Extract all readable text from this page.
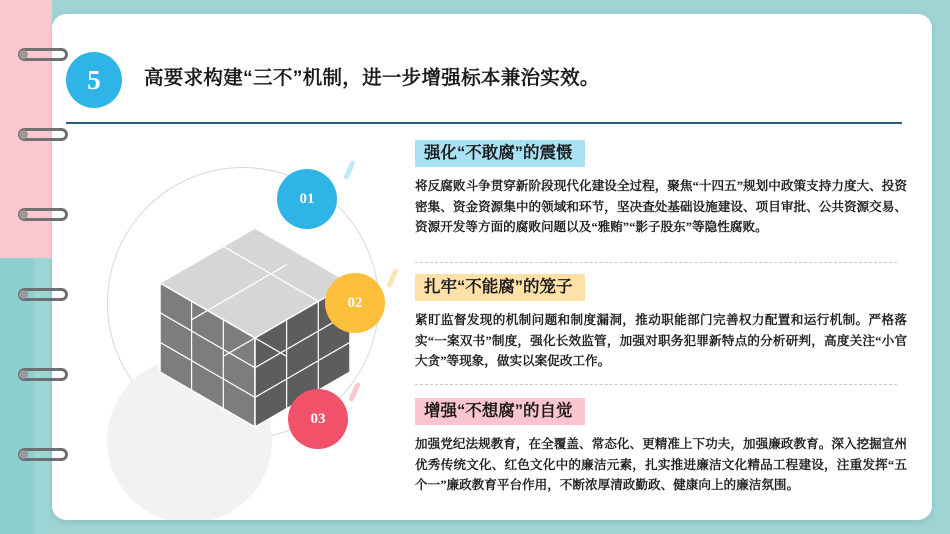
5	高要求构建“三不”机制，进一步增强标本兼治实效。
01
02
03
强化“不敢腐”的震慑
将反腐败斗争贯穿新阶段现代化建设全过程，聚焦“十四五”规划中政策支持力度大、投资密集、资金资源集中的领域和环节，坚决查处基础设施建设、项目审批、公共资源交易、资源开发等方面的腐败问题以及“雅贿”“影子股东”等隐性腐败。
扎牢“不能腐”的笼子
紧盯监督发现的机制问题和制度漏洞，推动职能部门完善权力配置和运行机制。严格落实“一案双书”制度，强化长效监管，加强对职务犯罪新特点的分析研判，高度关注“小官大贪”等现象，做实以案促改工作。
增强“不想腐”的自觉
加强党纪法规教育，在全覆盖、常态化、更精准上下功夫，加强廉政教育。深入挖掘宣州优秀传统文化、红色文化中的廉洁元素，扎实推进廉洁文化精品工程建设，注重发挥“五个一”廉政教育平台作用，不断浓厚清政勤政、健康向上的廉洁氛围。
